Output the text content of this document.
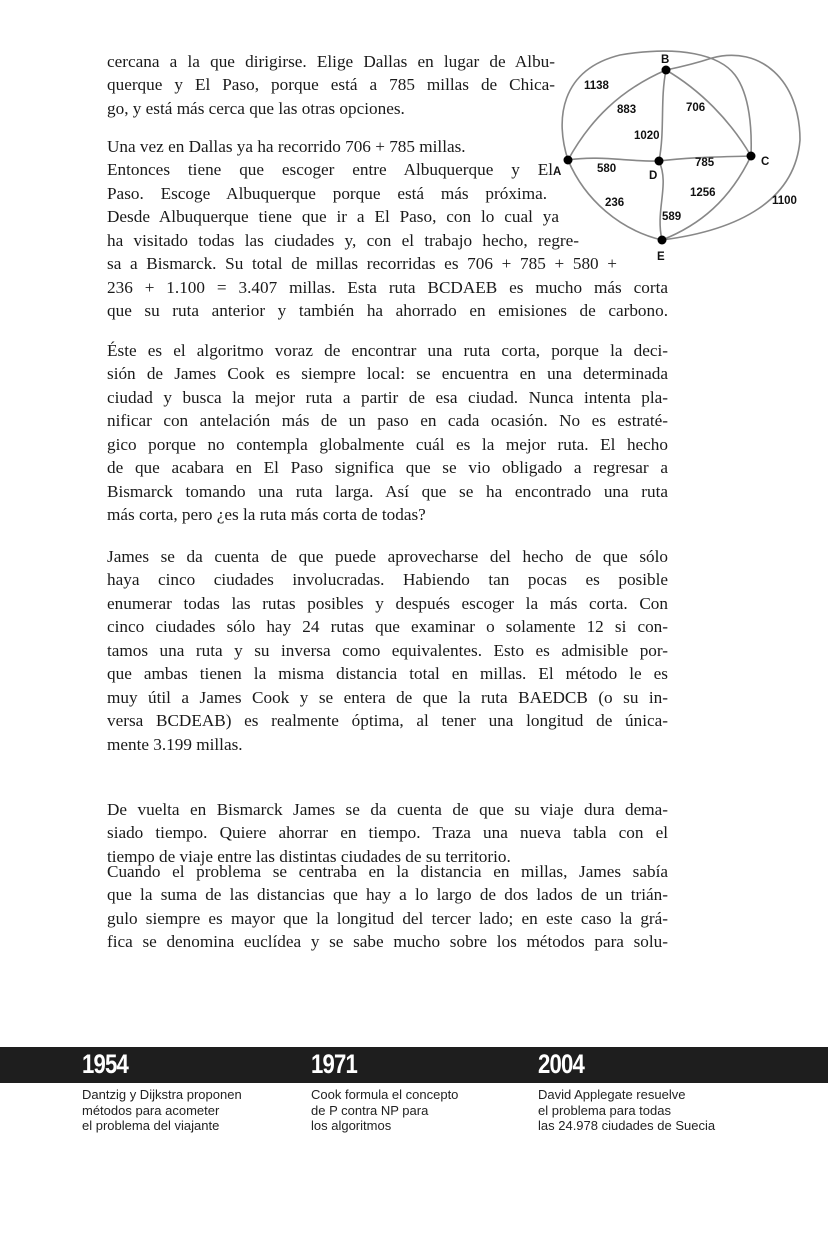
cercana a la que dirigirse. Elige Dallas en lugar de Albu-
querque y El Paso, porque está a 785 millas de Chica-
go, y está más cerca que las otras opciones.
Una vez en Dallas ya ha recorrido 706 + 785 millas.
Entonces tiene que escoger entre Albuquerque y El
Paso. Escoge Albuquerque porque está más próxima.
Desde Albuquerque tiene que ir a El Paso, con lo cual ya
ha visitado todas las ciudades y, con el trabajo hecho, regre-
sa a Bismarck. Su total de millas recorridas es 706 + 785 + 580 +
236 + 1.100 = 3.407 millas. Esta ruta BCDAEB es mucho más corta
que su ruta anterior y también ha ahorrado en emisiones de carbono.
Éste es el algoritmo voraz de encontrar una ruta corta, porque la deci-
sión de James Cook es siempre local: se encuentra en una determinada
ciudad y busca la mejor ruta a partir de esa ciudad. Nunca intenta pla-
nificar con antelación más de un paso en cada ocasión. No es estraté-
gico porque no contempla globalmente cuál es la mejor ruta. El hecho
de que acabara en El Paso significa que se vio obligado a regresar a
Bismarck tomando una ruta larga. Así que se ha encontrado una ruta
más corta, pero ¿es la ruta más corta de todas?
James se da cuenta de que puede aprovecharse del hecho de que sólo
haya cinco ciudades involucradas. Habiendo tan pocas es posible
enumerar todas las rutas posibles y después escoger la más corta. Con
cinco ciudades sólo hay 24 rutas que examinar o solamente 12 si con-
tamos una ruta y su inversa como equivalentes. Esto es admisible por-
que ambas tienen la misma distancia total en millas. El método le es
muy útil a James Cook y se entera de que la ruta BAEDCB (o su in-
versa BCDEAB) es realmente óptima, al tener una longitud de única-
mente 3.199 millas.
De vuelta en Bismarck James se da cuenta de que su viaje dura dema-
siado tiempo. Quiere ahorrar en tiempo. Traza una nueva tabla con el
tiempo de viaje entre las distintas ciudades de su territorio.
Cuando el problema se centraba en la distancia en millas, James sabía
que la suma de las distancias que hay a lo largo de dos lados de un trián-
gulo siempre es mayor que la longitud del tercer lado; en este caso la grá-
fica se denomina euclídea y se sabe mucho sobre los métodos para solu-
A
B
C
D
E
1138
883
1020
706
580	785
236
1256
589
1100
1954	1971	2004
Dantzig y Dijkstra proponen
métodos para acometer
el problema del viajante
Cook formula el concepto
de P contra NP para
los algoritmos
David Applegate resuelve
el problema para todas
las 24.978 ciudades de Suecia
